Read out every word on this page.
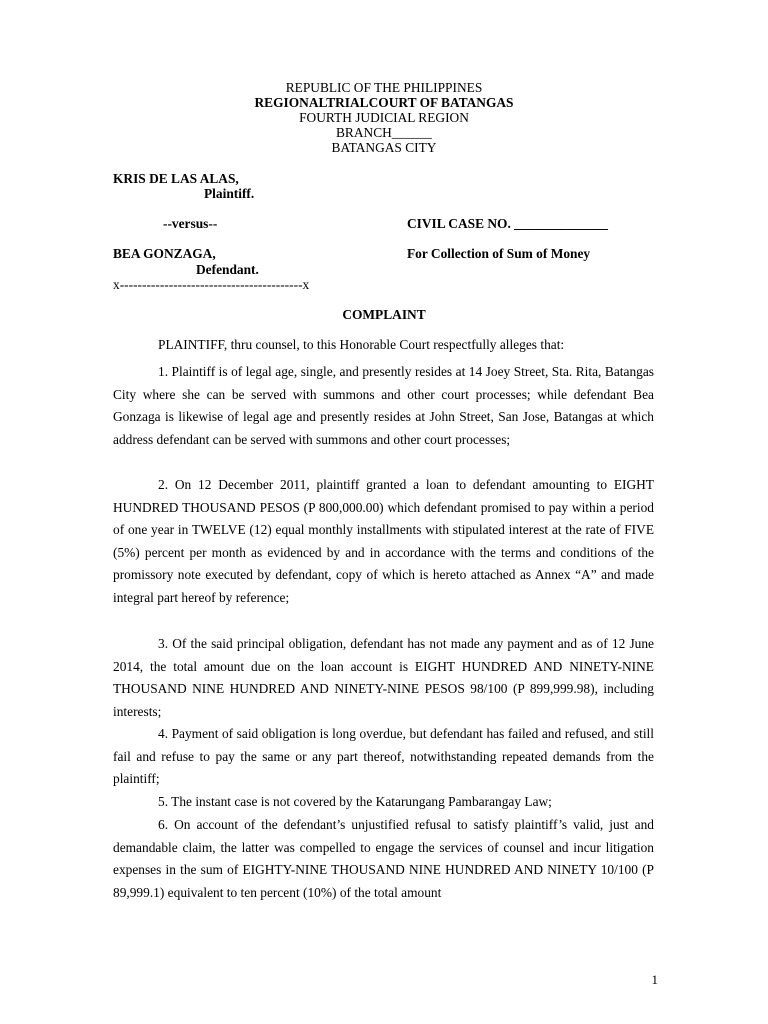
REPUBLIC OF THE PHILIPPINES
REGIONALTRIALCOURT OF BATANGAS
FOURTH JUDICIAL REGION
BRANCH______
BATANGAS CITY
KRIS DE LAS ALAS,
Plaintiff.
--versus--	CIVIL CASE NO. ______________
BEA GONZAGA,	For Collection of Sum of Money
Defendant.
x-----------------------------------------x
COMPLAINT
PLAINTIFF, thru counsel, to this Honorable Court respectfully alleges that:
1. Plaintiff is of legal age, single, and presently resides at 14 Joey Street, Sta. Rita, Batangas City where she can be served with summons and other court processes; while defendant Bea Gonzaga is likewise of legal age and presently resides at John Street, San Jose, Batangas at which address defendant can be served with summons and other court processes;
2. On 12 December 2011, plaintiff granted a loan to defendant amounting to EIGHT HUNDRED THOUSAND PESOS (P 800,000.00) which defendant promised to pay within a period of one year in TWELVE (12) equal monthly installments with stipulated interest at the rate of FIVE (5%) percent per month as evidenced by and in accordance with the terms and conditions of the promissory note executed by defendant, copy of which is hereto attached as Annex “A” and made integral part hereof by reference;
3. Of the said principal obligation, defendant has not made any payment and as of 12 June 2014, the total amount due on the loan account is EIGHT HUNDRED AND NINETY-NINE THOUSAND NINE HUNDRED AND NINETY-NINE PESOS 98/100 (P 899,999.98), including interests;
4. Payment of said obligation is long overdue, but defendant has failed and refused, and still fail and refuse to pay the same or any part thereof, notwithstanding repeated demands from the plaintiff;
5. The instant case is not covered by the Katarungang Pambarangay Law;
6. On account of the defendant’s unjustified refusal to satisfy plaintiff’s valid, just and demandable claim, the latter was compelled to engage the services of counsel and incur litigation expenses in the sum of EIGHTY-NINE THOUSAND NINE HUNDRED AND NINETY 10/100 (P 89,999.1) equivalent to ten percent (10%) of the total amount
1
